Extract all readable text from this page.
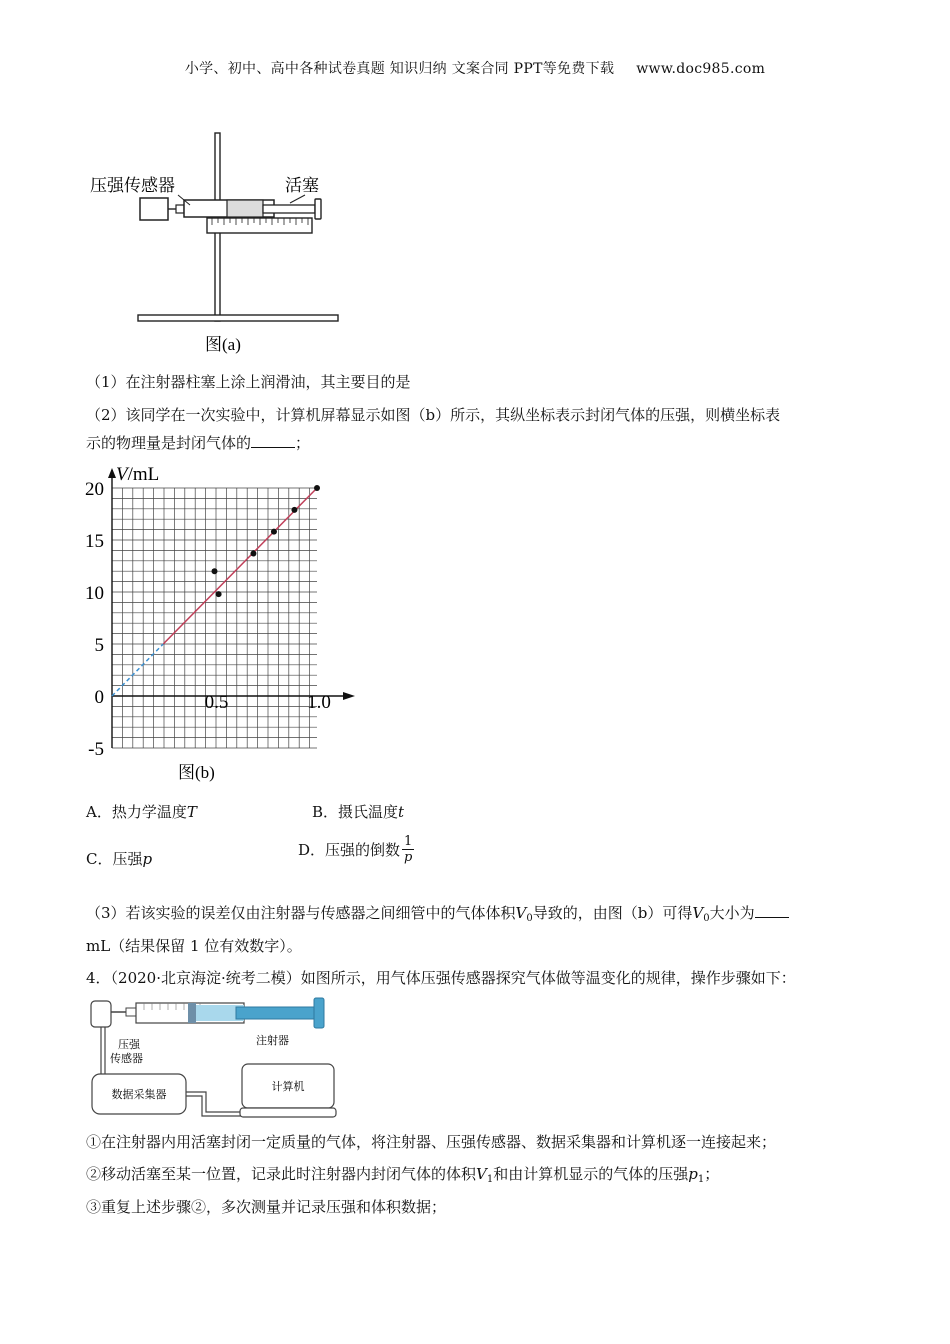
小学、初中、高中各种试卷真题 知识归纳 文案合同 PPT等免费下载 www.doc985.com
压强传感器	活塞
图(a)
（1）在注射器柱塞上涂上润滑油，其主要目的是
（2）该同学在一次实验中，计算机屏幕显示如图（b）所示，其纵坐标表示封闭气体的压强，则横坐标表
示的物理量是封闭气体的	；
20
15
10
5
0
-5
0.5	1.0
V/mL
图(b)
A．热力学温度T	B．摄氏温度t
C．压强p	D．压强的倒数 $\frac{1}{p}$
（3）若该实验的误差仅由注射器与传感器之间细管中的气体体积$V_0$导致的，由图（b）可得$V_0$大小为
mL（结果保留 1 位有效数字）。
4．（2020·北京海淀·统考二模）如图所示，用气体压强传感器探究气体做等温变化的规律，操作步骤如下：
压强
传感器
注射器
数据采集器
计算机
①在注射器内用活塞封闭一定质量的气体，将注射器、压强传感器、数据采集器和计算机逐一连接起来；
②移动活塞至某一位置，记录此时注射器内封闭气体的体积$V_1$和由计算机显示的气体的压强$p_1$；
③重复上述步骤②，多次测量并记录压强和体积数据；
